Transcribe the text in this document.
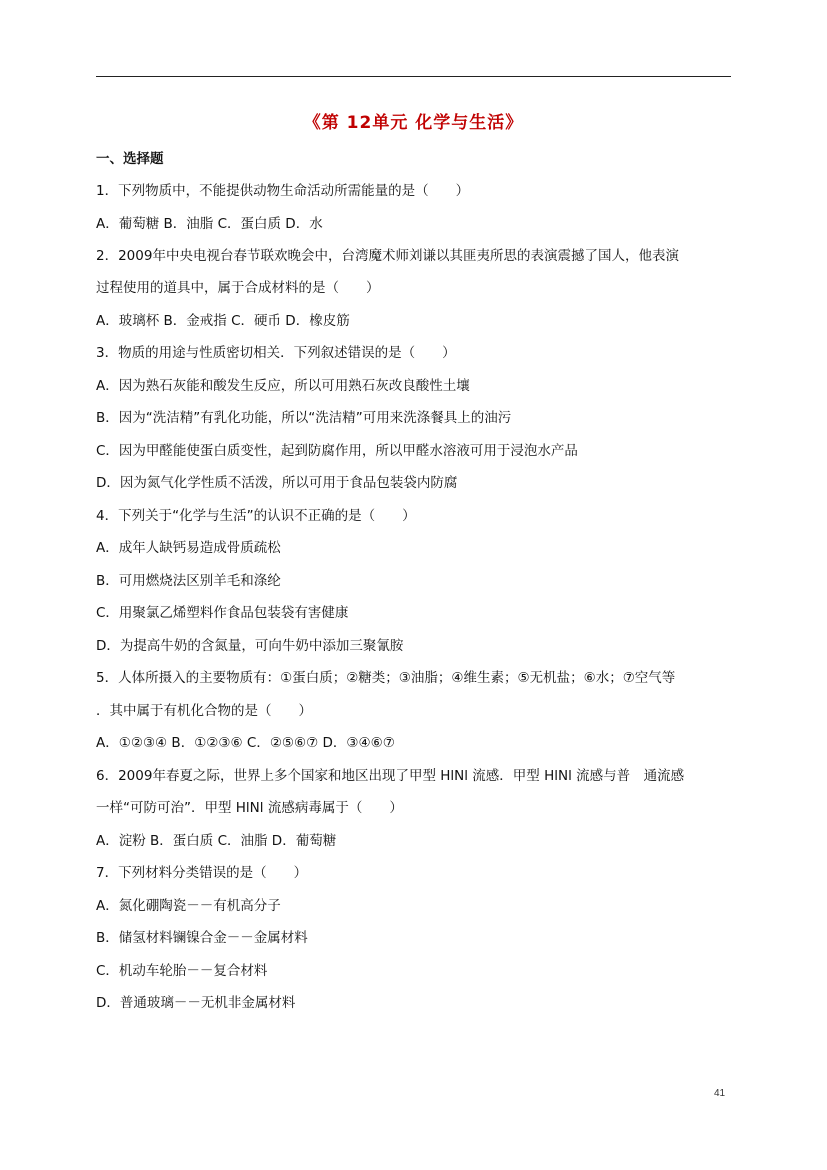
《第 12单元 化学与生活》
一、选择题
1．下列物质中，不能提供动物生命活动所需能量的是（　　）
A．葡萄糖 B．油脂 C．蛋白质 D．水
2．2009年中央电视台春节联欢晚会中，台湾魔术师刘谦以其匪夷所思的表演震撼了国人，他表演
过程使用的道具中，属于合成材料的是（　　）
A．玻璃杯 B．金戒指 C．硬币 D．橡皮筋
3．物质的用途与性质密切相关．下列叙述错误的是（　　）
A．因为熟石灰能和酸发生反应，所以可用熟石灰改良酸性土壤
B．因为“洗洁精”有乳化功能，所以“洗洁精”可用来洗涤餐具上的油污
C．因为甲醛能使蛋白质变性，起到防腐作用，所以甲醛水溶液可用于浸泡水产品
D．因为氮气化学性质不活泼，所以可用于食品包装袋内防腐
4．下列关于“化学与生活”的认识不正确的是（　　）
A．成年人缺钙易造成骨质疏松
B．可用燃烧法区别羊毛和涤纶
C．用聚氯乙烯塑料作食品包装袋有害健康
D．为提高牛奶的含氮量，可向牛奶中添加三聚氰胺
5．人体所摄入的主要物质有：①蛋白质；②糖类；③油脂；④维生素；⑤无机盐；⑥水；⑦空气等
．其中属于有机化合物的是（　　）
A．①②③④ B．①②③⑥ C．②⑤⑥⑦ D．③④⑥⑦
6．2009年春夏之际，世界上多个国家和地区出现了甲型 HlNl 流感．甲型 HlNl 流感与普　通流感
一样“可防可治”．甲型 HlNl 流感病毒属于（　　）
A．淀粉 B．蛋白质 C．油脂 D．葡萄糖
7．下列材料分类错误的是（　　）
A．氮化硼陶瓷－－有机高分子
B．储氢材料镧镍合金－－金属材料
C．机动车轮胎－－复合材料
D．普通玻璃－－无机非金属材料
41
